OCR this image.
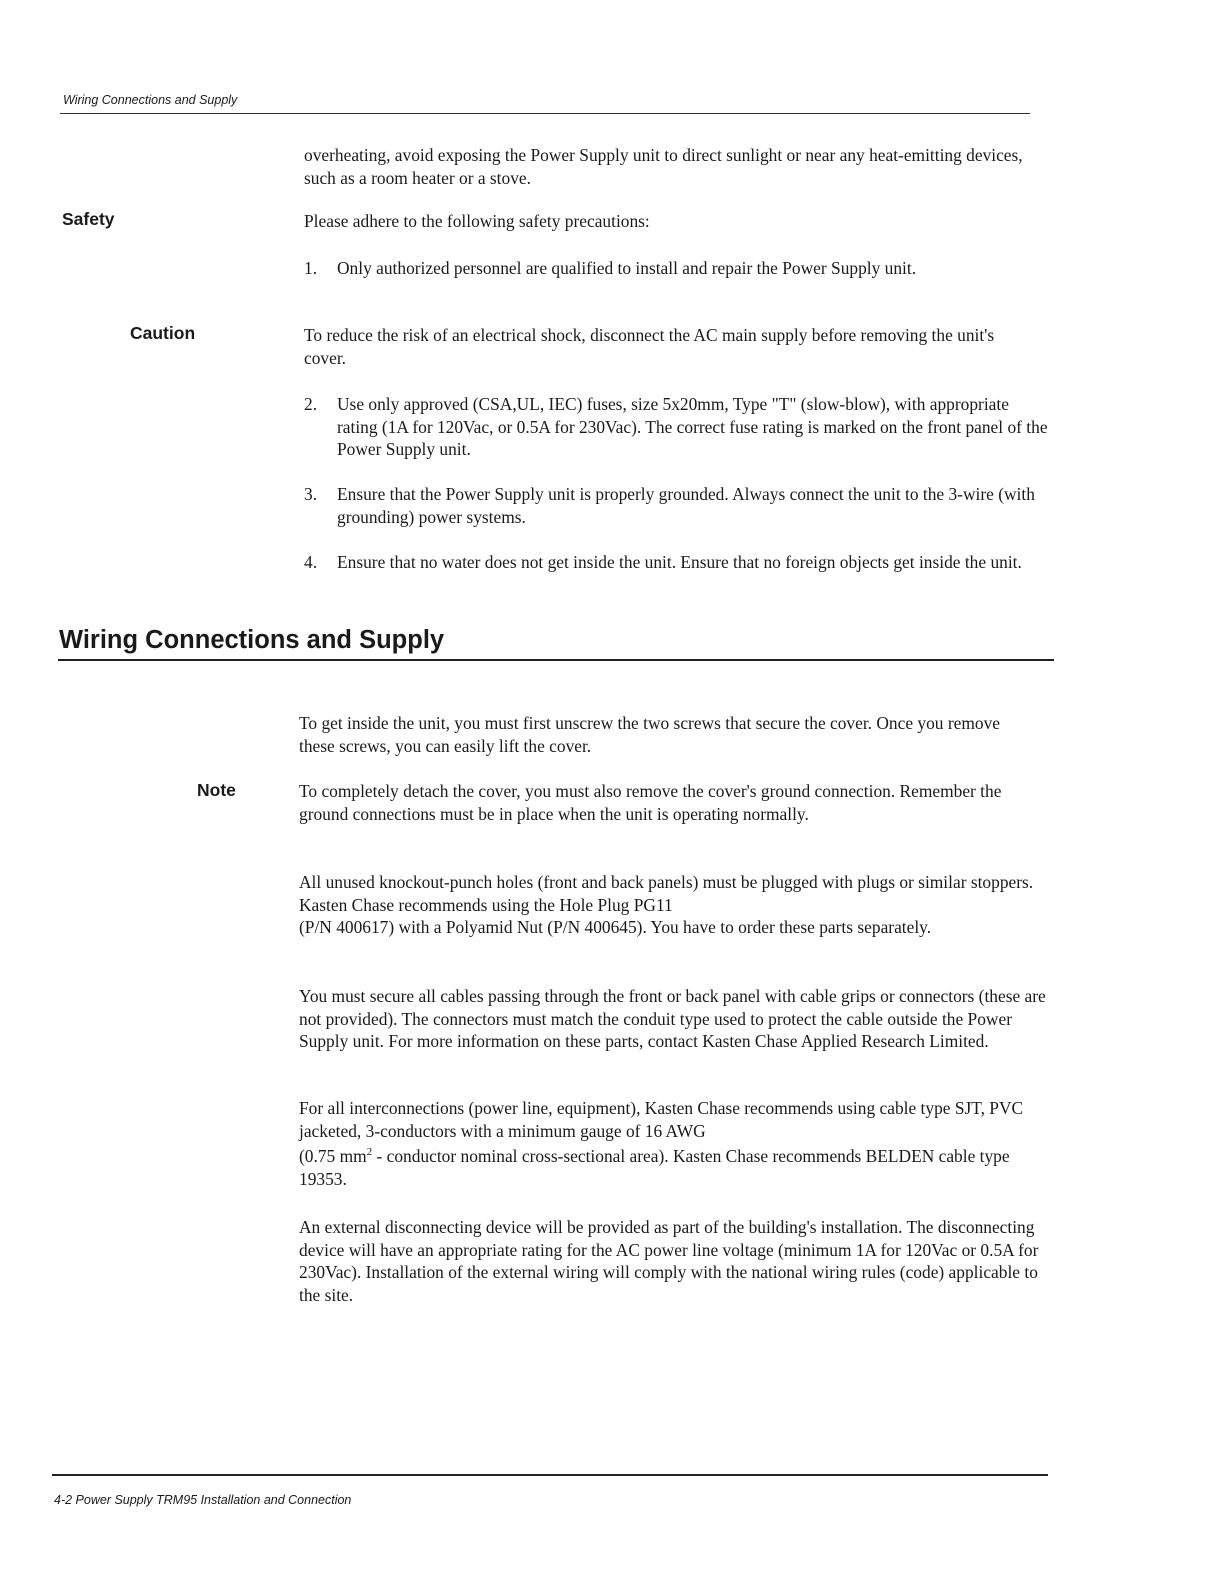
Wiring Connections and Supply

overheating, avoid exposing the Power Supply unit to direct sunlight or near any heat-emitting devices, such as a room heater or a stove.

Safety	Please adhere to the following safety precautions:

1.	Only authorized personnel are qualified to install and repair the Power Supply unit.

Caution	To reduce the risk of an electrical shock, disconnect the AC main supply before removing the unit's cover.

2.	Use only approved (CSA,UL, IEC) fuses, size 5x20mm, Type "T" (slow-blow), with appropriate rating (1A for 120Vac, or 0.5A for 230Vac). The correct fuse rating is marked on the front panel of the Power Supply unit.

3.	Ensure that the Power Supply unit is properly grounded. Always connect the unit to the 3-wire (with grounding) power systems.

4.	Ensure that no water does not get inside the unit. Ensure that no foreign objects get inside the unit.

Wiring Connections and Supply

To get inside the unit, you must first unscrew the two screws that secure the cover. Once you remove these screws, you can easily lift the cover.

Note	To completely detach the cover, you must also remove the cover's ground connection. Remember the ground connections must be in place when the unit is operating normally.

All unused knockout-punch holes (front and back panels) must be plugged with plugs or similar stoppers. Kasten Chase recommends using the Hole Plug PG11

(P/N 400617) with a Polyamid Nut (P/N 400645). You have to order these parts separately.

You must secure all cables passing through the front or back panel with cable grips or connectors (these are not provided). The connectors must match the conduit type used to protect the cable outside the Power Supply unit. For more information on these parts, contact Kasten Chase Applied Research Limited.

For all interconnections (power line, equipment), Kasten Chase recommends using cable type SJT, PVC jacketed, 3-conductors with a minimum gauge of 16 AWG

(0.75 $mm^2$ - conductor nominal cross-sectional area). Kasten Chase recommends BELDEN cable type 19353.

An external disconnecting device will be provided as part of the building's installation. The disconnecting device will have an appropriate rating for the AC power line voltage (minimum 1A for 120Vac or 0.5A for 230Vac). Installation of the external wiring will comply with the national wiring rules (code) applicable to the site.

4-2 Power Supply TRM95 Installation and Connection
